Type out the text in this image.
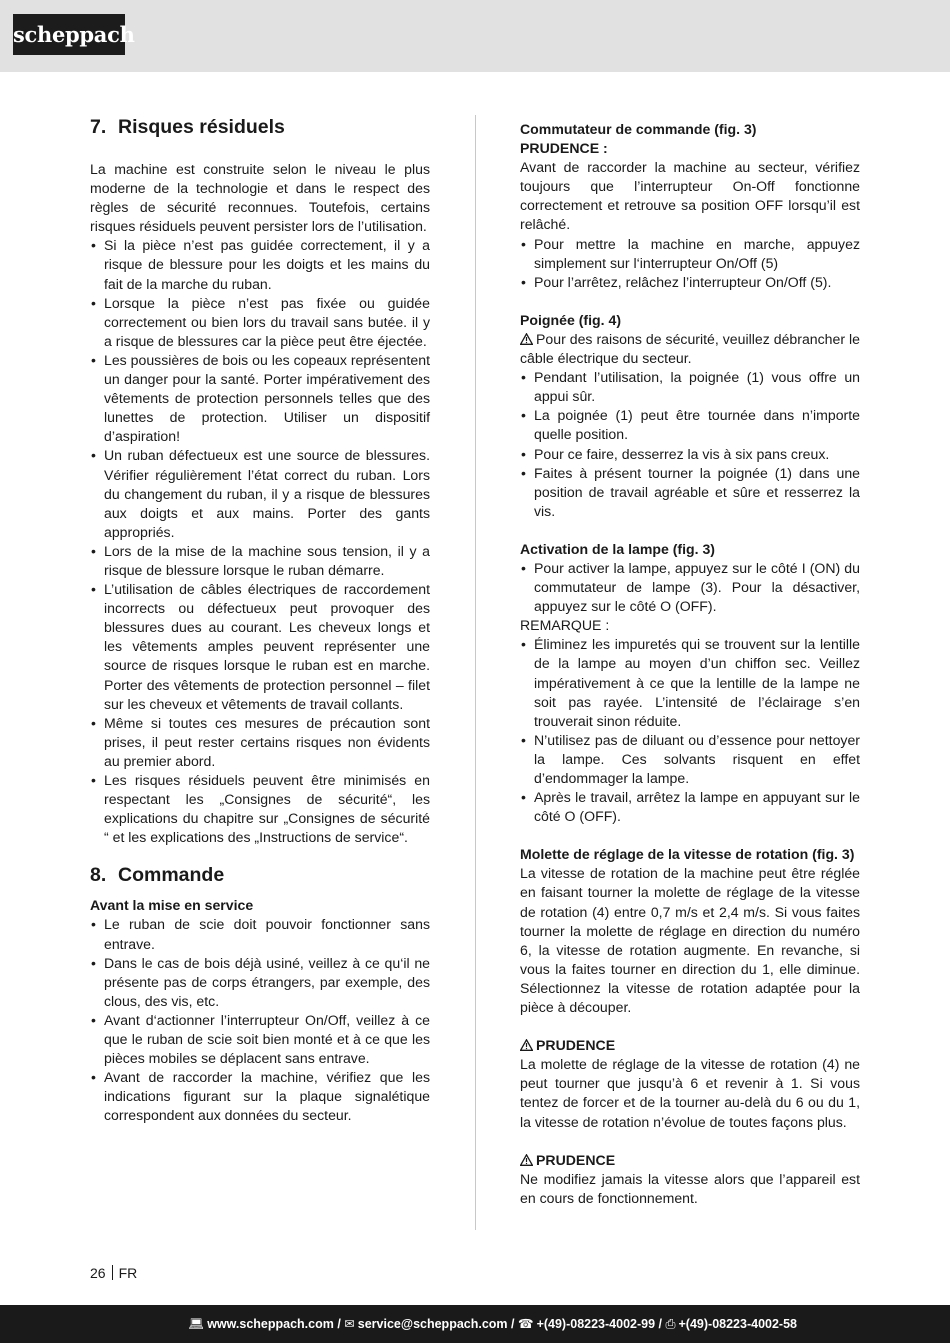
scheppach
7. Risques résiduels

La machine est construite selon le niveau le plus moderne de la technologie et dans le respect des règles de sécurité reconnues. Toutefois, certains risques résiduels peuvent persister lors de l’utilisation.

• Si la pièce n’est pas guidée correctement, il y a risque de blessure pour les doigts et les mains du fait de la marche du ruban.
• Lorsque la pièce n’est pas fixée ou guidée correctement ou bien lors du travail sans butée. il y a risque de blessures car la pièce peut être éjectée.
• Les poussières de bois ou les copeaux représentent un danger pour la santé. Porter impérativement des vêtements de protection personnels telles que des lunettes de protection. Utiliser un dispositif d’aspiration!
• Un ruban défectueux est une source de blessures. Vérifier régulièrement l’état correct du ruban. Lors du changement du ruban, il y a risque de blessures aux doigts et aux mains. Porter des gants appropriés.
• Lors de la mise de la machine sous tension, il y a risque de blessure lorsque le ruban démarre.
• L’utilisation de câbles électriques de raccordement incorrects ou défectueux peut provoquer des blessures dues au courant. Les cheveux longs et les vêtements amples peuvent représenter une source de risques lorsque le ruban est en marche. Porter des vêtements de protection personnel – filet sur les cheveux et vêtements de travail collants.
• Même si toutes ces mesures de précaution sont prises, il peut rester certains risques non évidents au premier abord.
• Les risques résiduels peuvent être minimisés en respectant les „Consignes de sécurité“, les explications du chapitre sur „Consignes de sécurité “ et les explications des „Instructions de service“.
8. Commande
Avant la mise en service
• Le ruban de scie doit pouvoir fonctionner sans entrave.
• Dans le cas de bois déjà usiné, veillez à ce qu‘il ne présente pas de corps étrangers, par exemple, des clous, des vis, etc.
• Avant d‘actionner l’interrupteur On/Off, veillez à ce que le ruban de scie soit bien monté et à ce que les pièces mobiles se déplacent sans entrave.
• Avant de raccorder la machine, vérifiez que les indications figurant sur la plaque signalétique correspondent aux données du secteur.
Commutateur de commande (fig. 3)
PRUDENCE :

Avant de raccorder la machine au secteur, vérifiez toujours que l’interrupteur On-Off fonctionne correctement et retrouve sa position OFF lorsqu’il est relâché.

• Pour mettre la machine en marche, appuyez simplement sur l‘interrupteur On/Off (5)
• Pour l’arrêtez, relâchez l’interrupteur On/Off (5).
Poignée (fig. 4)

Pour des raisons de sécurité, veuillez débrancher le câble électrique du secteur.

• Pendant l’utilisation, la poignée (1) vous offre un appui sûr.
• La poignée (1) peut être tournée dans n’importe quelle position.
• Pour ce faire, desserrez la vis à six pans creux.
• Faites à présent tourner la poignée (1) dans une position de travail agréable et sûre et resserrez la vis.
Activation de la lampe (fig. 3)
• Pour activer la lampe, appuyez sur le côté I (ON) du commutateur de lampe (3). Pour la désactiver, appuyez sur le côté O (OFF).
REMARQUE :
• Éliminez les impuretés qui se trouvent sur la lentille de la lampe au moyen d’un chiffon sec. Veillez impérativement à ce que la lentille de la lampe ne soit pas rayée. L’intensité de l’éclairage s’en trouverait sinon réduite.
• N’utilisez pas de diluant ou d’essence pour nettoyer la lampe. Ces solvants risquent en effet d’endommager la lampe.
• Après le travail, arrêtez la lampe en appuyant sur le côté O (OFF).
Molette de réglage de la vitesse de rotation (fig. 3)

La vitesse de rotation de la machine peut être réglée en faisant tourner la molette de réglage de la vitesse de rotation (4) entre 0,7 m/s et 2,4 m/s. Si vous faites tourner la molette de réglage en direction du numéro 6, la vitesse de rotation augmente. En revanche, si vous la faites tourner en direction du 1, elle diminue. Sélectionnez la vitesse de rotation adaptée pour la pièce à découper.

PRUDENCE

La molette de réglage de la vitesse de rotation (4) ne peut tourner que jusqu’à 6 et revenir à 1. Si vous tentez de forcer et de la tourner au-delà du 6 ou du 1, la vitesse de rotation n’évolue de toutes façons plus.

PRUDENCE

Ne modifiez jamais la vitesse alors que l’appareil est en cours de fonctionnement.

26 FR
💻︎ www.scheppach.com / ✉︎ service@scheppach.com / ☎︎ +(49)-08223-4002-99 / ⎙ +(49)-08223-4002-58
